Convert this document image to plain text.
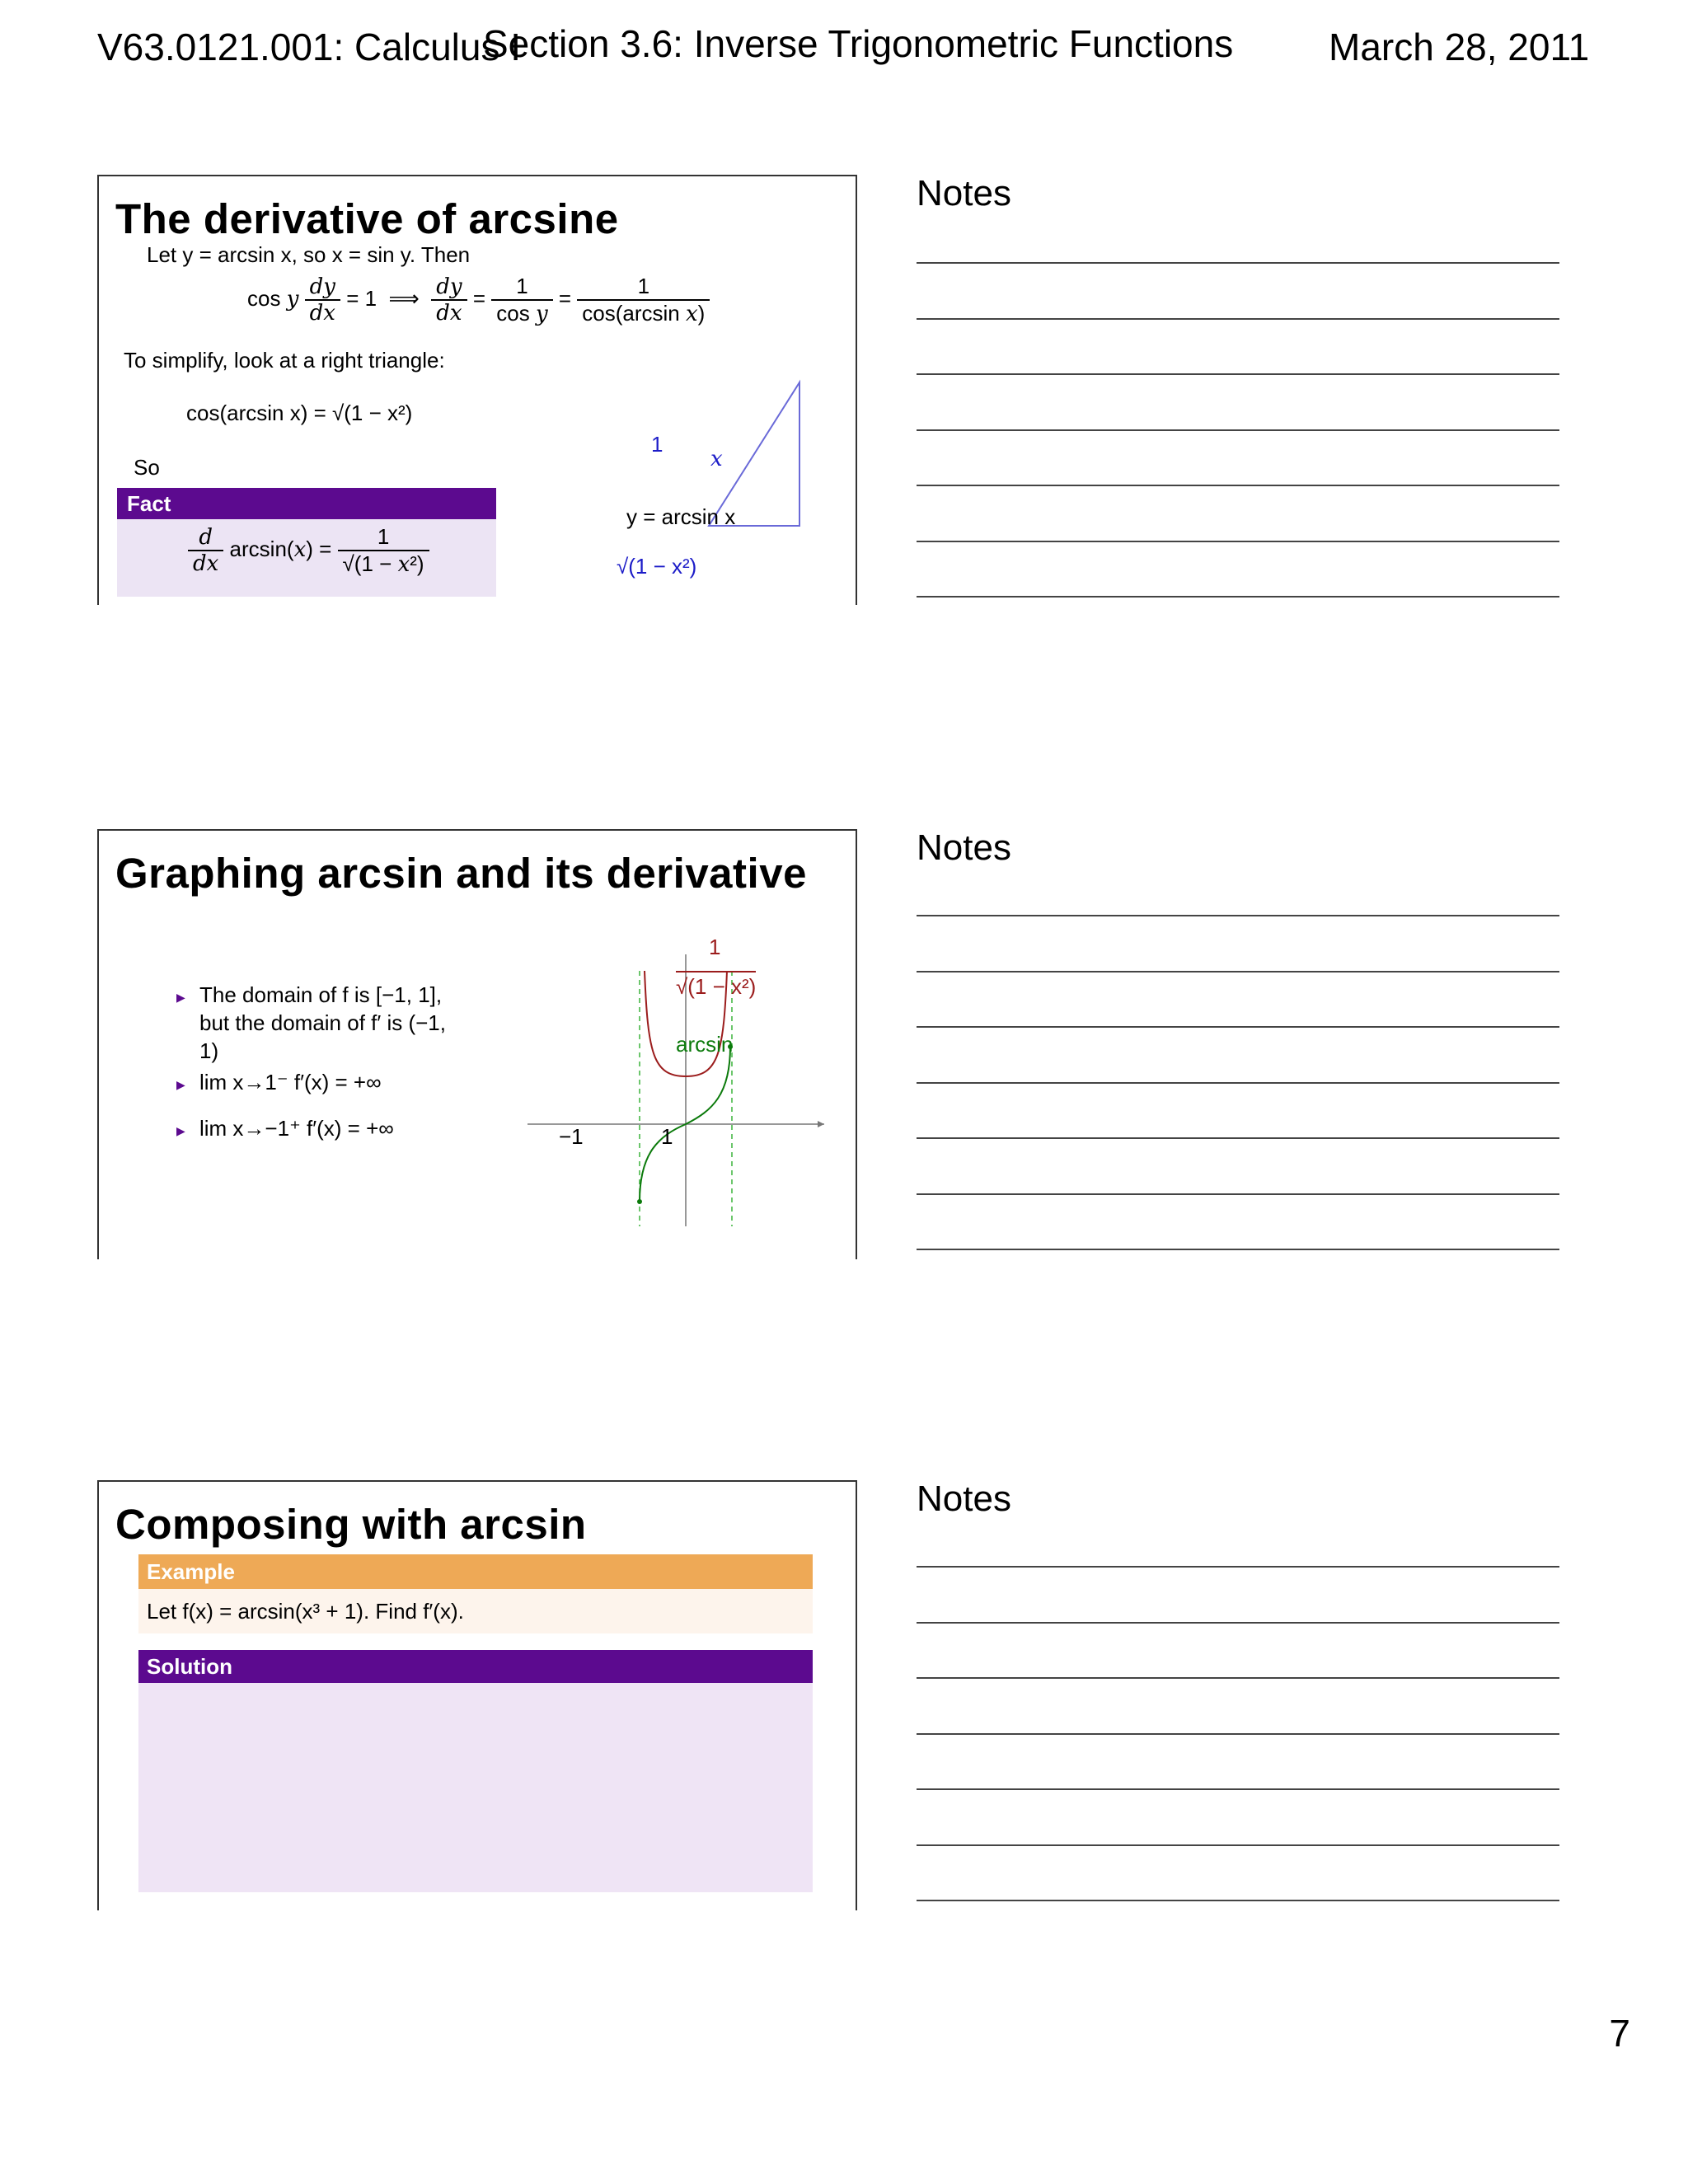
V63.0121.001: Calculus I
Section 3.6: Inverse Trigonometric Functions	March 28, 2011
The derivative of arcsine
Let y = arcsin x, so x = sin y. Then
cos y $\frac{dy}{dx} = 1$  ⟹ $\frac{dy}{dx} = \frac{1}{\text{cos y}} = \frac{1}{\text{cos(arcsin x)}}$
To simplify, look at a right triangle:
cos(arcsin x) = √(1 − x²)
So
Fact
$\frac{d}{dx} \arcsin(x) = \frac{1}{\text{√(1 − x²)}}$
1
x
y = arcsin x
√(1 − x²)
Graphing arcsin and its derivative
▶ The domain of f is [−1, 1], but the domain of f′ is (−1, 1)
▶ lim x→1⁻ f′(x) = +∞
▶ lim x→−1⁺ f′(x) = +∞
1
√(1 − x²)
arcsin
−1	1
Composing with arcsin
Example
Let f(x) = arcsin(x³ + 1). Find f′(x).
Solution
Notes
Notes
Notes
7
